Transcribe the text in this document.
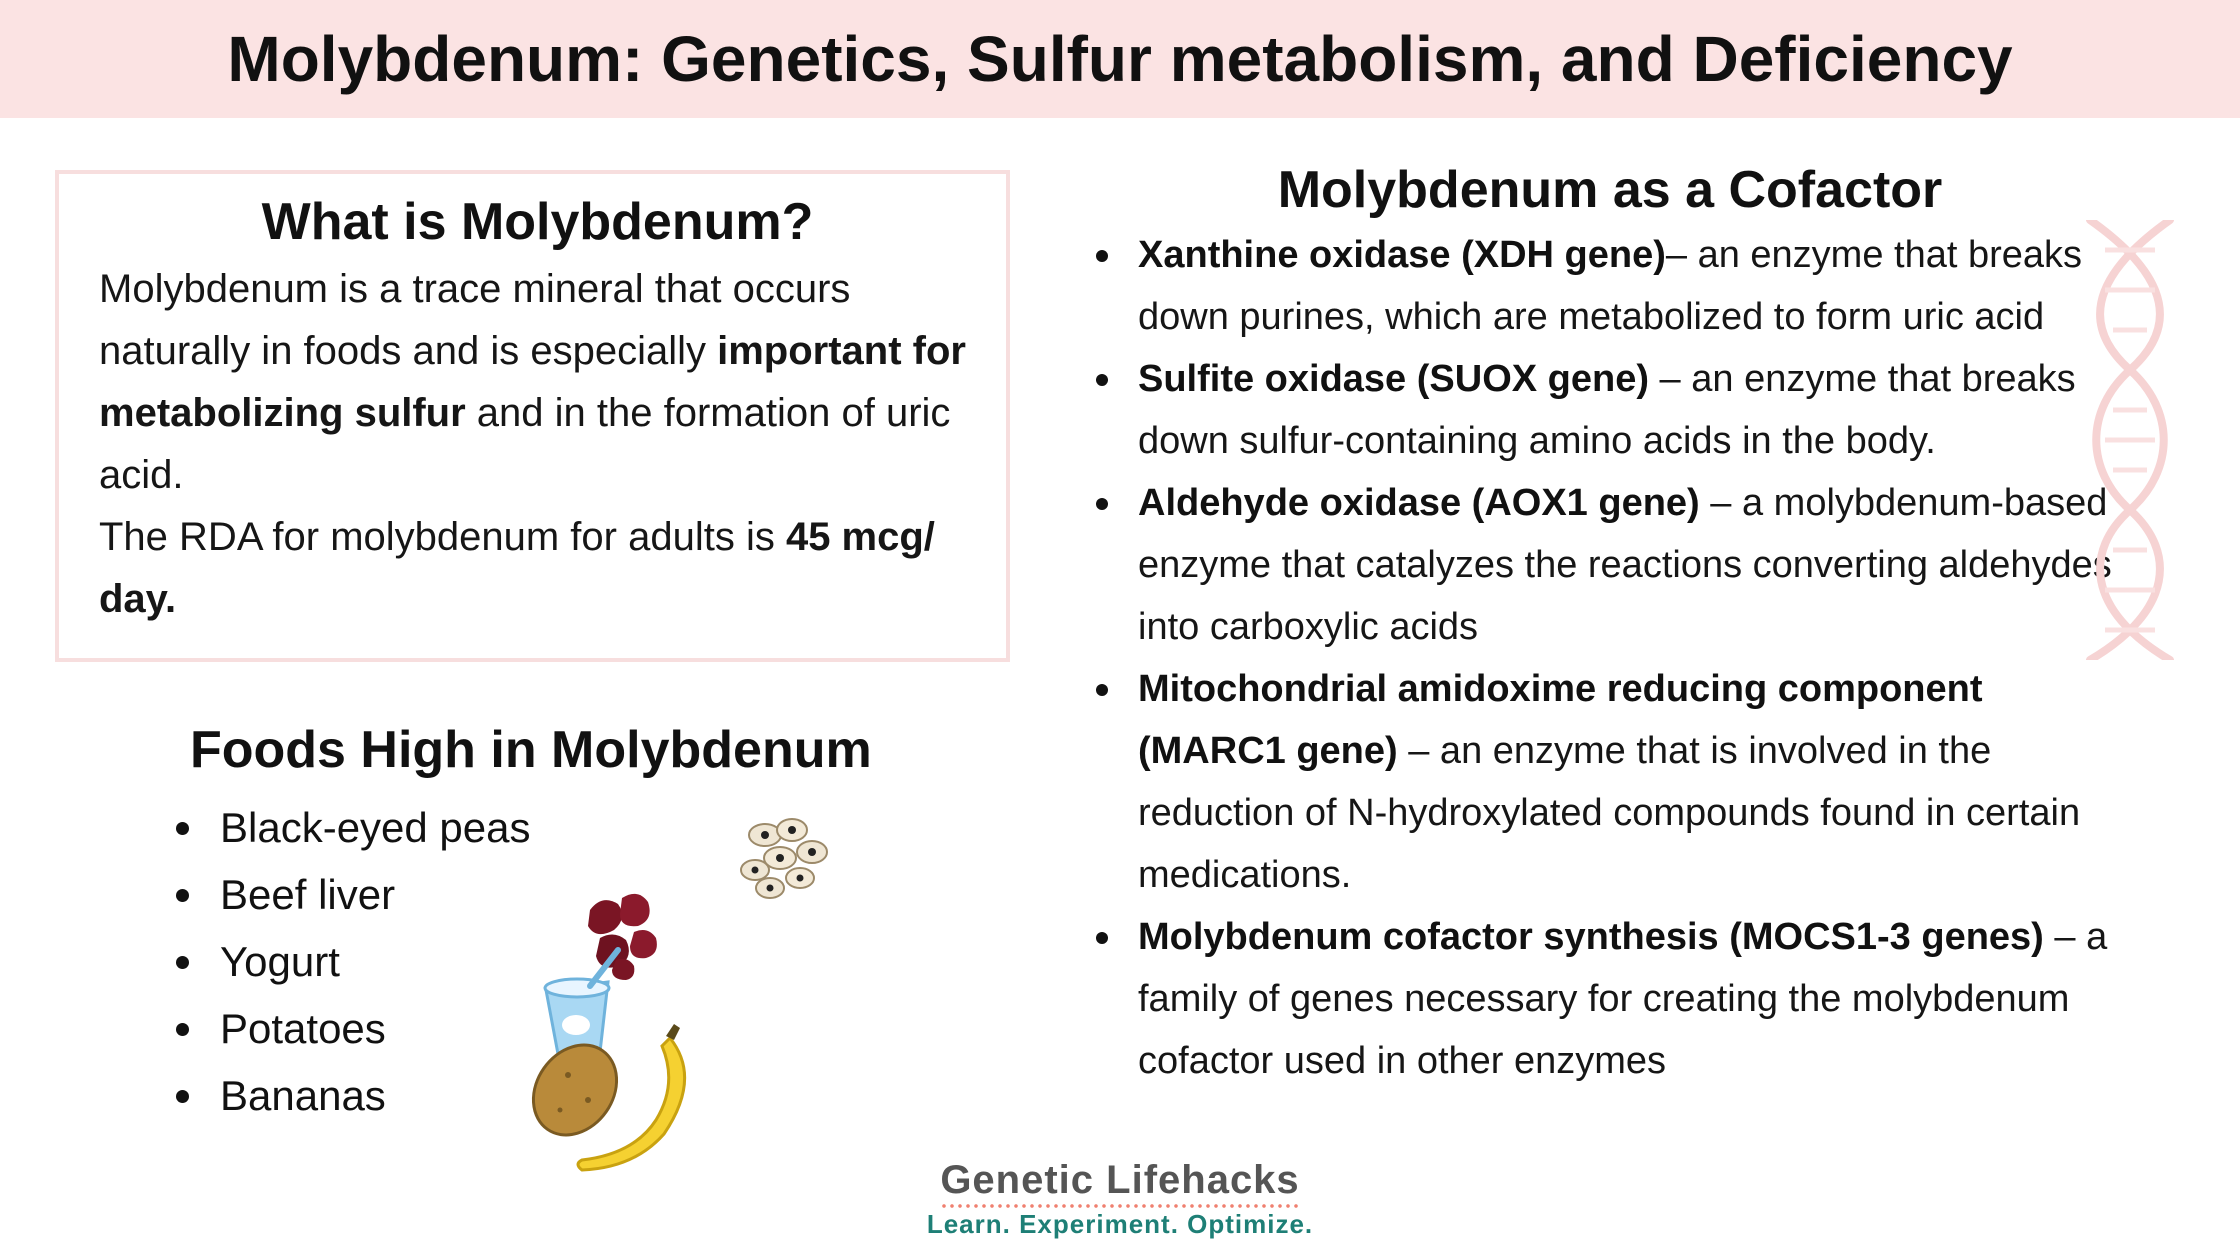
Molybdenum: Genetics, Sulfur metabolism, and Deficiency
What is Molybdenum?

Molybdenum is a trace mineral that occurs naturally in foods and is especially important for metabolizing sulfur and in the formation of uric acid.

The RDA for molybdenum for adults is 45 mcg/ day.

Foods High in Molybdenum
Black-eyed peas
Beef liver
Yogurt
Potatoes
Bananas
Molybdenum as a Cofactor
Xanthine oxidase (XDH gene)– an enzyme that breaks down purines, which are metabolized to form uric acid
Sulfite oxidase (SUOX gene) – an enzyme that breaks down sulfur-containing amino acids in the body.
Aldehyde oxidase (AOX1 gene) – a molybdenum-based enzyme that catalyzes the reactions converting aldehydes into carboxylic acids
Mitochondrial amidoxime reducing component (MARC1 gene) – an enzyme that is involved in the reduction of N-hydroxylated compounds found in certain medications.
Molybdenum cofactor synthesis (MOCS1-3 genes) – a family of genes necessary for creating the molybdenum cofactor used in other enzymes
Genetic Lifehacks
Learn. Experiment. Optimize.
